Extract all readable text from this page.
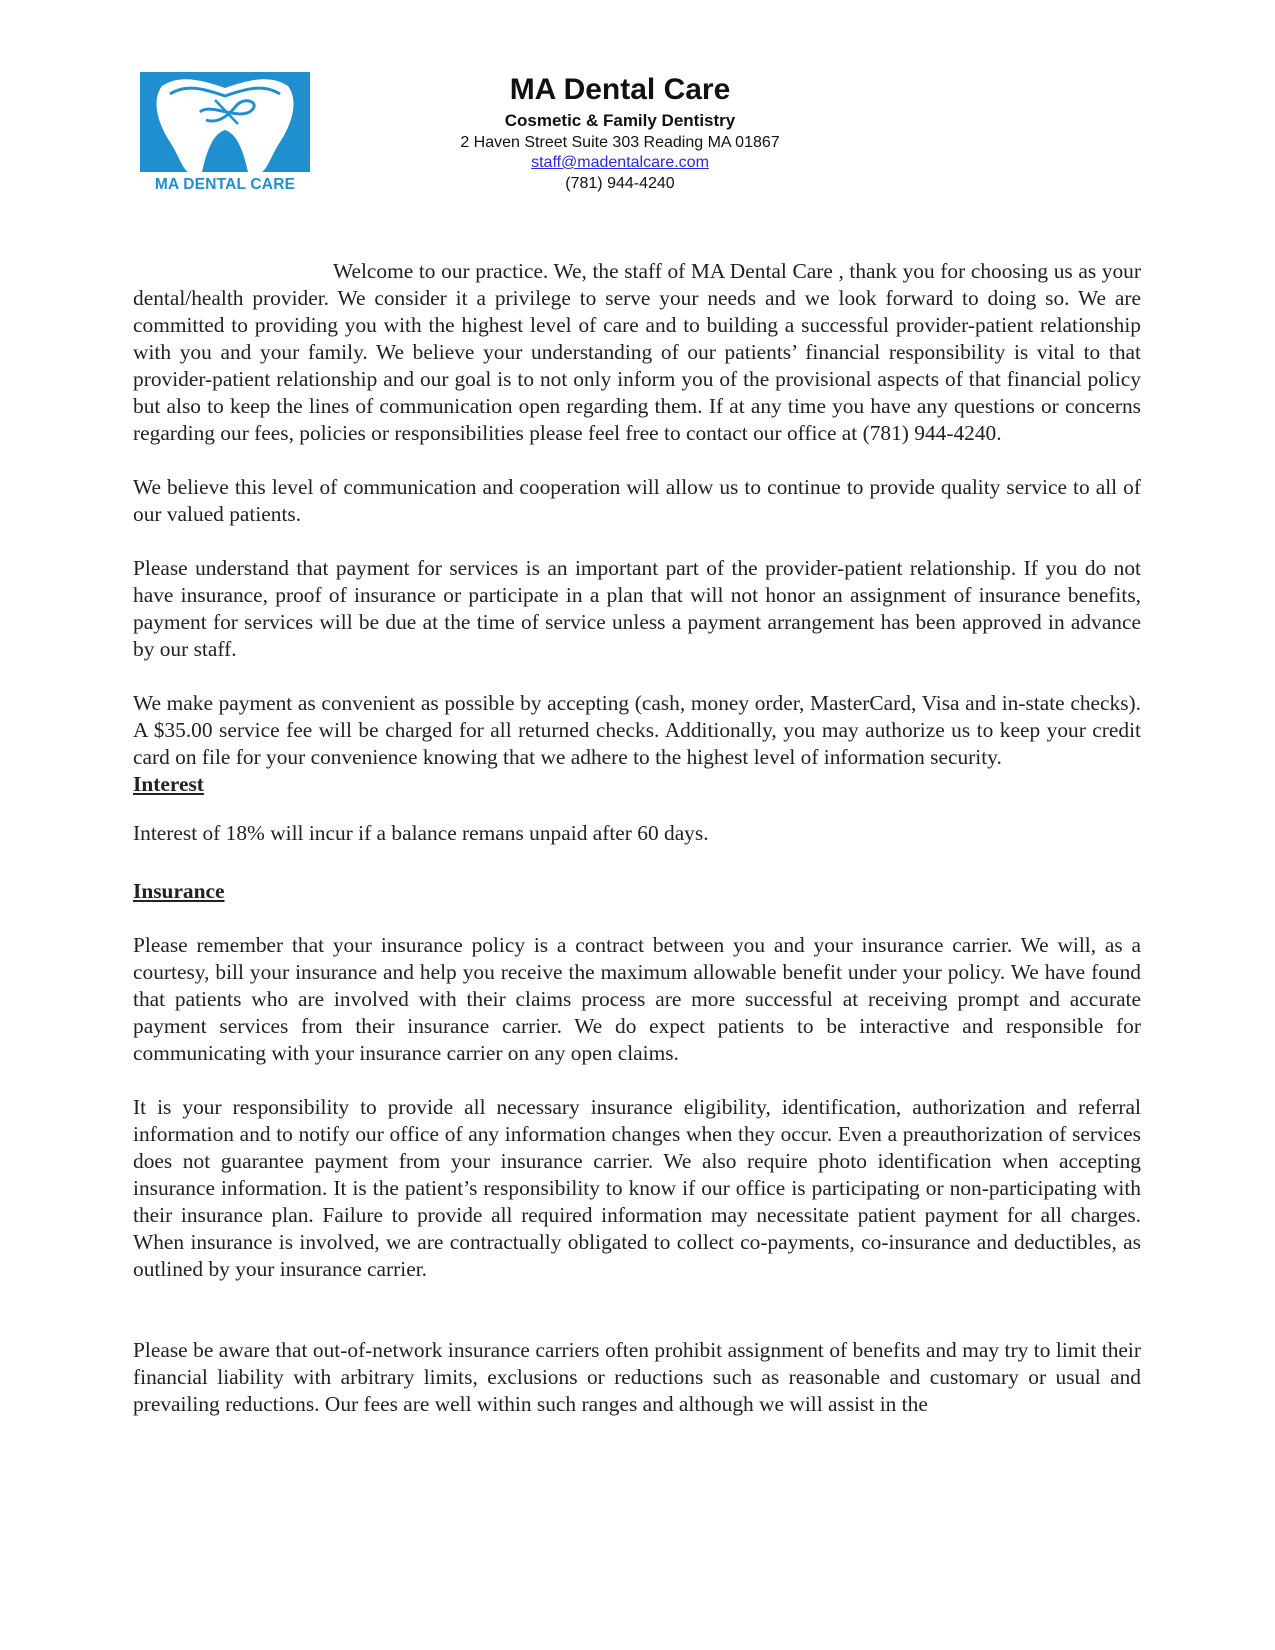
MA DENTAL CARE
MA Dental Care
Cosmetic & Family Dentistry
2 Haven Street Suite 303 Reading MA 01867
staff@madentalcare.com
(781) 944-4240

Welcome to our practice. We, the staff of MA Dental Care , thank you for choosing us as your dental/health provider. We consider it a privilege to serve your needs and we look forward to doing so. We are committed to providing you with the highest level of care and to building a successful provider-patient relationship with you and your family. We believe your understanding of our patients’ financial responsibility is vital to that provider-patient relationship and our goal is to not only inform you of the provisional aspects of that financial policy but also to keep the lines of communication open regarding them. If at any time you have any questions or concerns regarding our fees, policies or responsibilities please feel free to contact our office at (781) 944-4240.

We believe this level of communication and cooperation will allow us to continue to provide quality service to all of our valued patients.

Please understand that payment for services is an important part of the provider-patient relationship. If you do not have insurance, proof of insurance or participate in a plan that will not honor an assignment of insurance benefits, payment for services will be due at the time of service unless a payment arrangement has been approved in advance by our staff.

We make payment as convenient as possible by accepting (cash, money order, MasterCard, Visa and in-state checks). A $35.00 service fee will be charged for all returned checks. Additionally, you may authorize us to keep your credit card on file for your convenience knowing that we adhere to the highest level of information security.

Interest

Interest of 18% will incur if a balance remans unpaid after 60 days.

Insurance

Please remember that your insurance policy is a contract between you and your insurance carrier. We will, as a courtesy, bill your insurance and help you receive the maximum allowable benefit under your policy. We have found that patients who are involved with their claims process are more successful at receiving prompt and accurate payment services from their insurance carrier. We do expect patients to be interactive and responsible for communicating with your insurance carrier on any open claims.

It is your responsibility to provide all necessary insurance eligibility, identification, authorization and referral information and to notify our office of any information changes when they occur. Even a preauthorization of services does not guarantee payment from your insurance carrier. We also require photo identification when accepting insurance information. It is the patient’s responsibility to know if our office is participating or non-participating with their insurance plan. Failure to provide all required information may necessitate patient payment for all charges. When insurance is involved, we are contractually obligated to collect co-payments, co-insurance and deductibles, as outlined by your insurance carrier.

Please be aware that out-of-network insurance carriers often prohibit assignment of benefits and may try to limit their financial liability with arbitrary limits, exclusions or reductions such as reasonable and customary or usual and prevailing reductions. Our fees are well within such ranges and although we will assist in the
